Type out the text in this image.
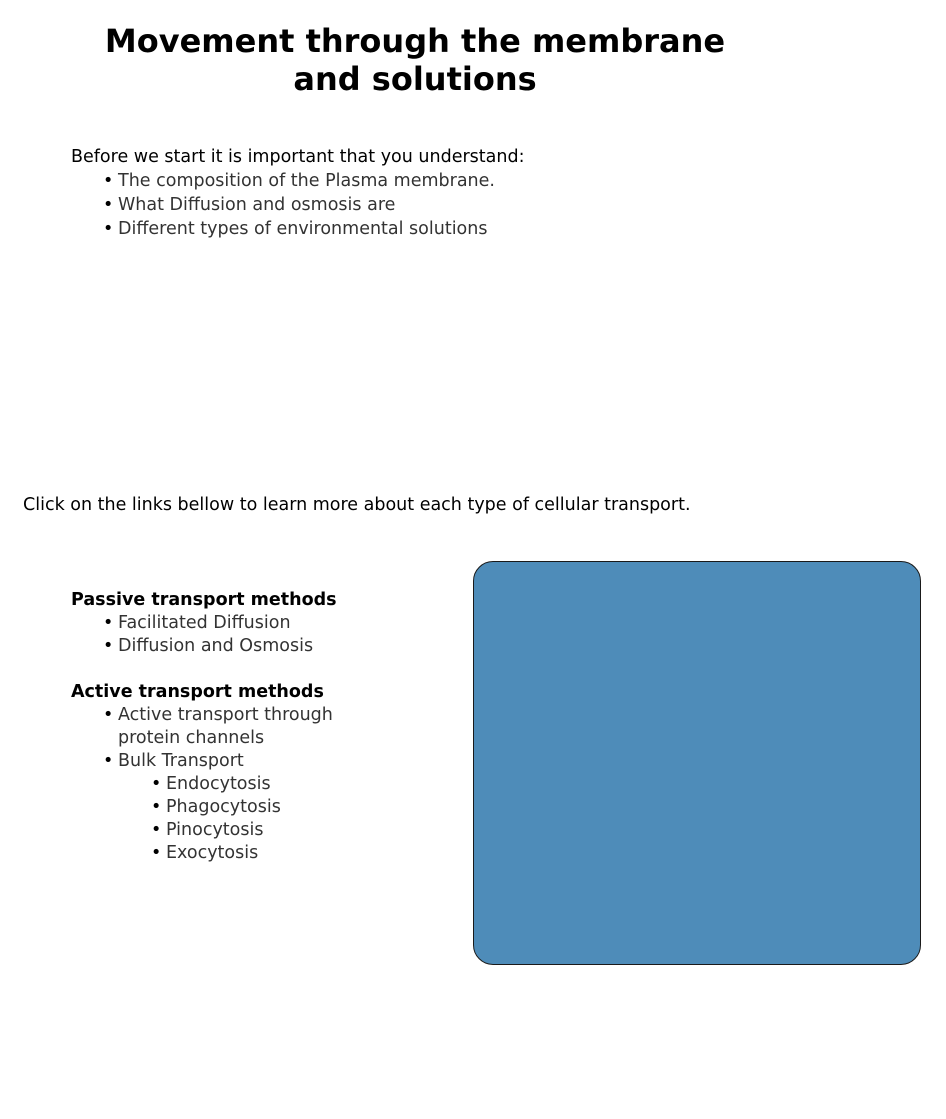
Movement through the membrane
and solutions
Before we start it is important that you understand:
• The composition of the Plasma membrane.
• What Diffusion and osmosis are
• Different types of environmental solutions
Click on the links bellow to learn more about each type of cellular transport.
Passive transport methods
• Facilitated Diffusion
• Diffusion and Osmosis
Active transport methods
• Active transport through
protein channels
• Bulk Transport
• Endocytosis
• Phagocytosis
• Pinocytosis
• Exocytosis
